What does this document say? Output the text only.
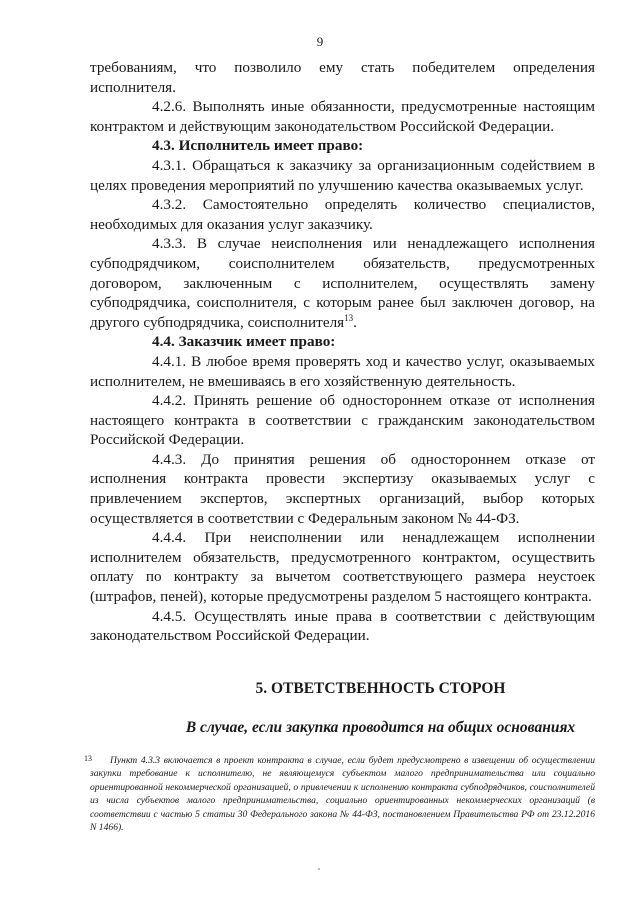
9

требованиям, что позволило ему стать победителем определения исполнителя.

4.2.6. Выполнять иные обязанности, предусмотренные настоящим контрактом и действующим законодательством Российской Федерации.

4.3. Исполнитель имеет право:

4.3.1. Обращаться к заказчику за организационным содействием в целях проведения мероприятий по улучшению качества оказываемых услуг.

4.3.2. Самостоятельно определять количество специалистов, необходимых для оказания услуг заказчику.

4.3.3. В случае неисполнения или ненадлежащего исполнения субподрядчиком, соисполнителем обязательств, предусмотренных договором, заключенным с исполнителем, осуществлять замену субподрядчика, соисполнителя, с которым ранее был заключен договор, на другого субподрядчика, соисполнителя$^{13}$.

4.4. Заказчик имеет право:

4.4.1. В любое время проверять ход и качество услуг, оказываемых исполнителем, не вмешиваясь в его хозяйственную деятельность.

4.4.2. Принять решение об одностороннем отказе от исполнения настоящего контракта в соответствии с гражданским законодательством Российской Федерации.

4.4.3. До принятия решения об одностороннем отказе от исполнения контракта провести экспертизу оказываемых услуг с привлечением экспертов, экспертных организаций, выбор которых осуществляется в соответствии с Федеральным законом № 44-ФЗ.

4.4.4. При неисполнении или ненадлежащем исполнении исполнителем обязательств, предусмотренного контрактом, осуществить оплату по контракту за вычетом соответствующего размера неустоек (штрафов, пеней), которые предусмотрены разделом 5 настоящего контракта.

4.4.5. Осуществлять иные права в соответствии с действующим законодательством Российской Федерации.

5. ОТВЕТСТВЕННОСТЬ СТОРОН
В случае, если закупка проводится на общих основаниях
13	Пункт 4.3.3 включается в проект контракта в случае, если будет предусмотрено в извещении об осуществлении закупки требование к исполнителю, не являющемуся субъектом малого предпринимательства или социально ориентированной некоммерческой организацией, о привлечении к исполнению контракта субподрядчиков, соисполнителей из числа субъектов малого предпринимательства, социально ориентированных некоммерческих организаций (в соответствии с частью 5 статьи 30 Федерального закона № 44-ФЗ, постановлением Правительства РФ от 23.12.2016 N 1466).
